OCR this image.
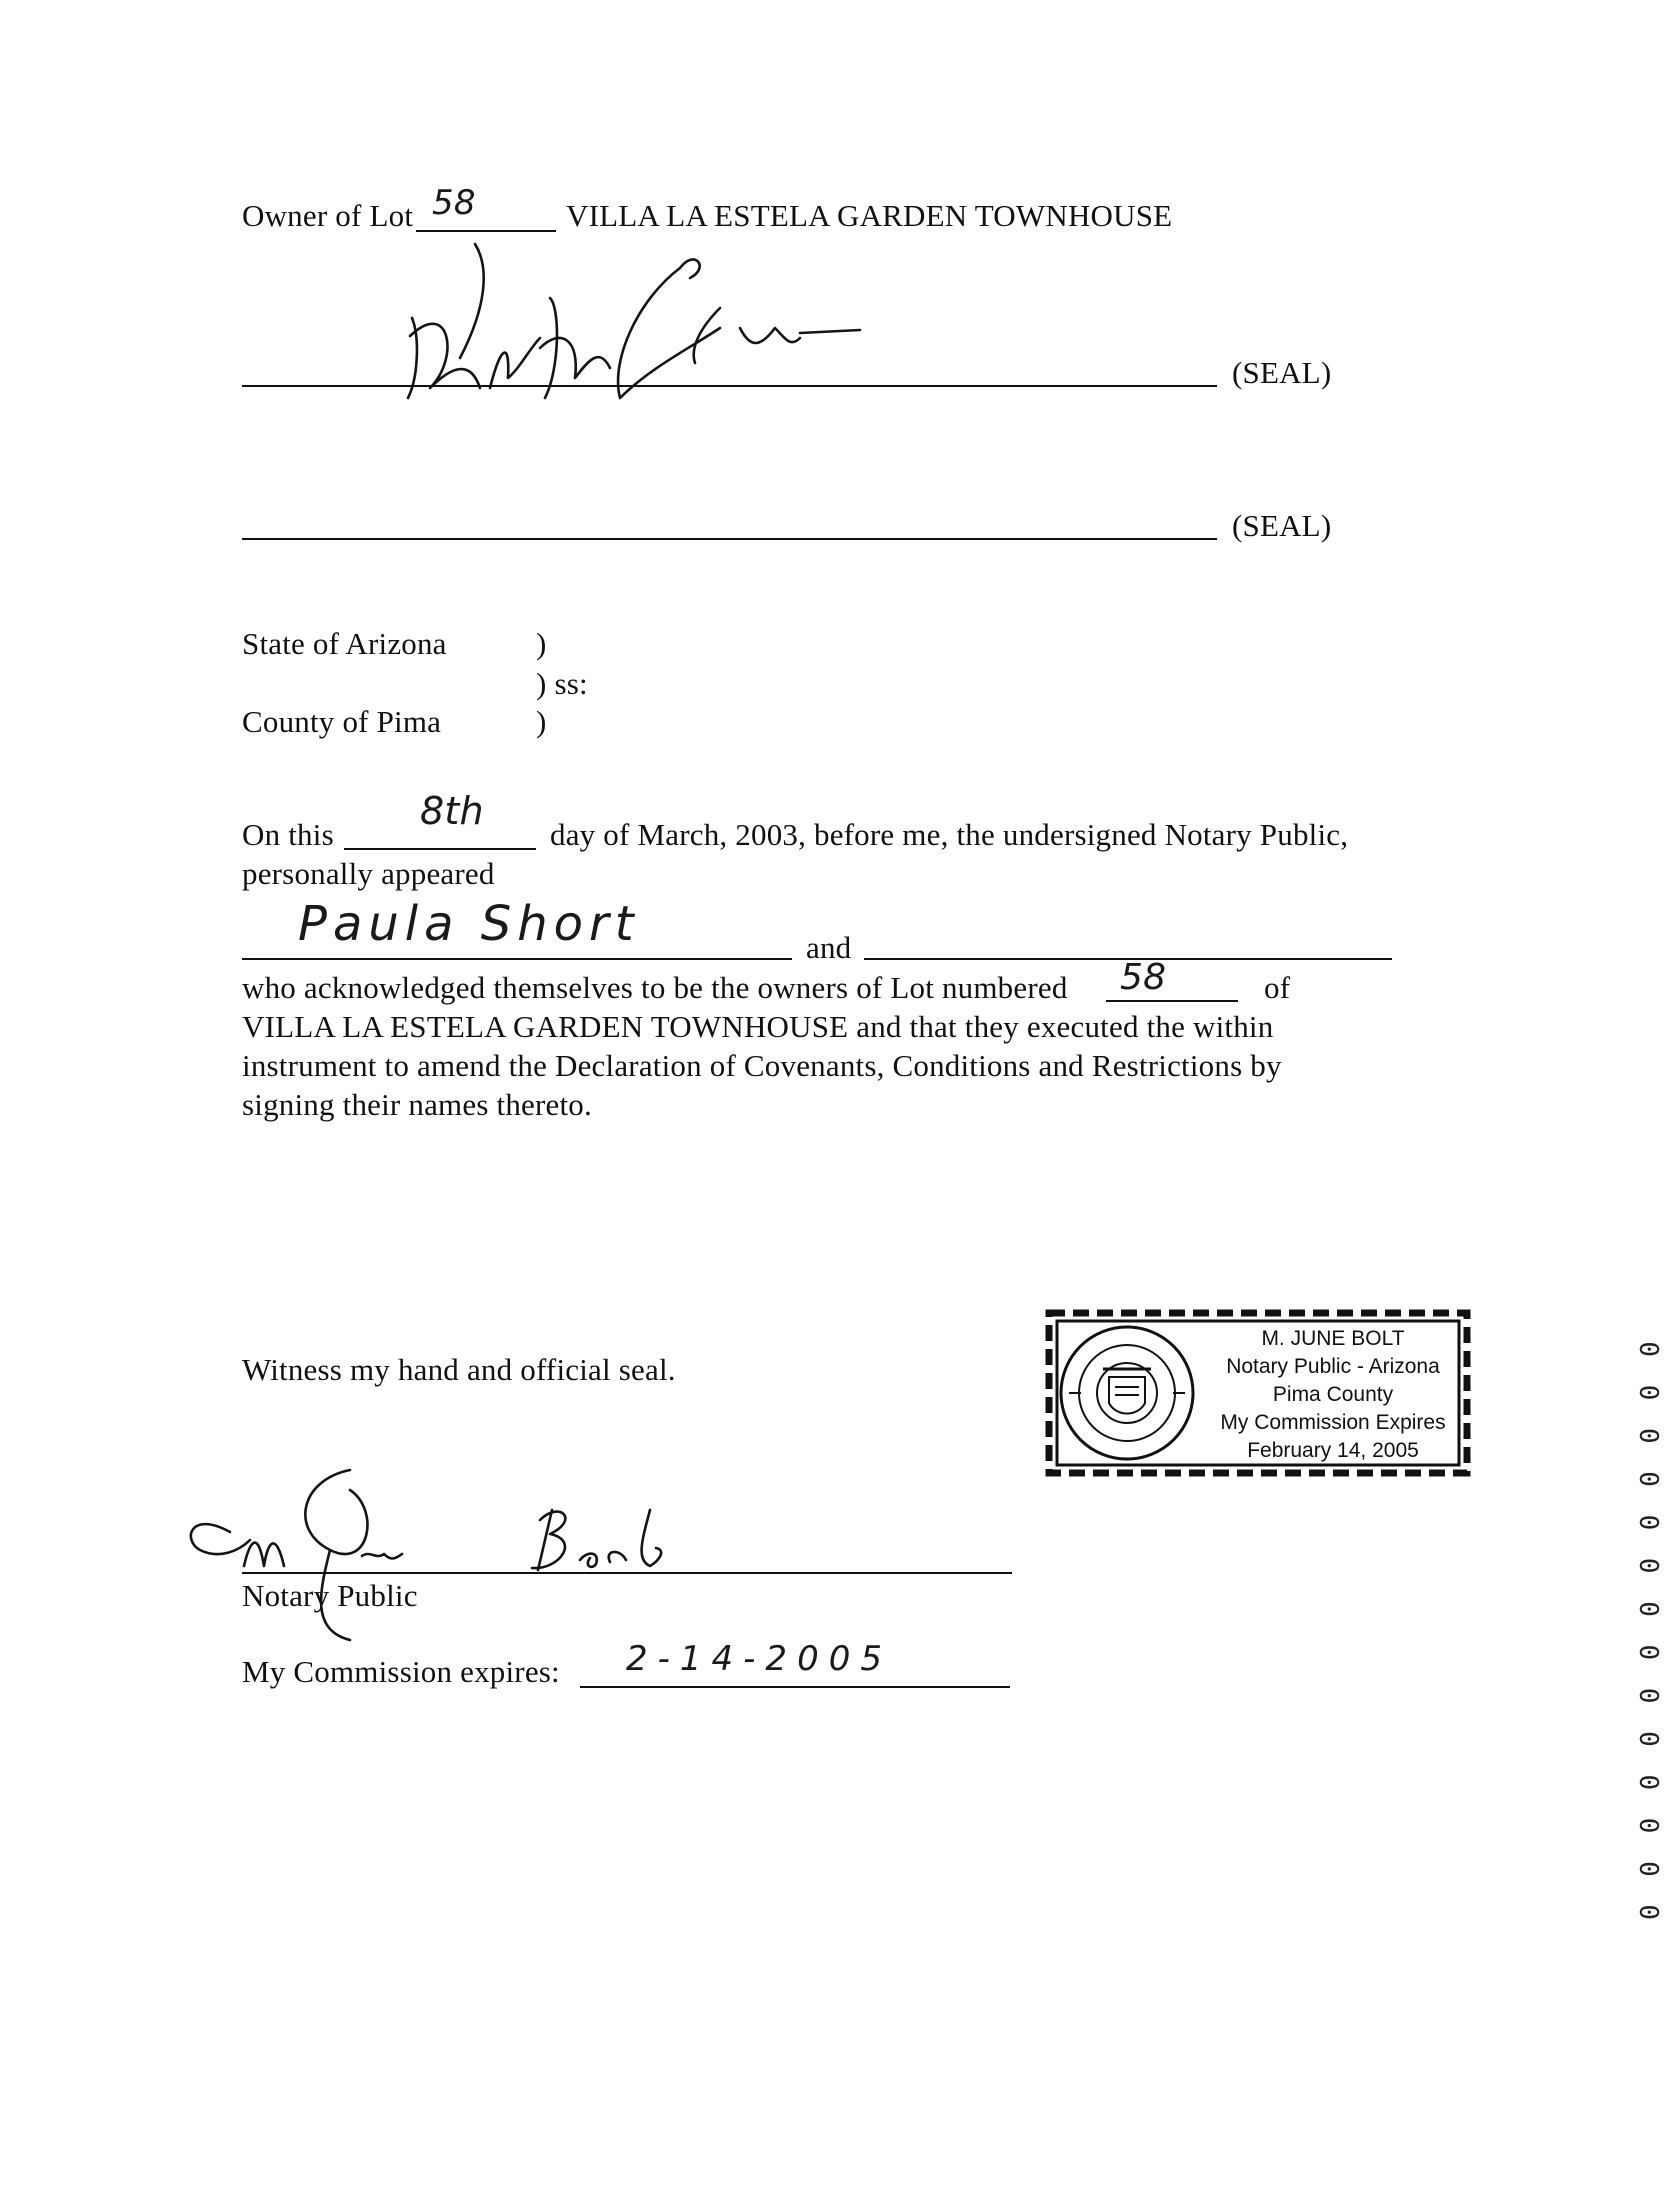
Owner of Lot 58	VILLA LA ESTELA GARDEN TOWNHOUSE
(SEAL)
(SEAL)
State of Arizona	)
) ss:
County of Pima	)
On this
8th
day of March, 2003, before me, the undersigned Notary Public,
personally appeared
Paula Short	and
who acknowledged themselves to be the owners of Lot numbered 58	of
VILLA LA ESTELA GARDEN TOWNHOUSE and that they executed the within
instrument to amend the Declaration of Covenants, Conditions and Restrictions by
signing their names thereto.
Witness my hand and official seal.
M. JUNE BOLT
Notary Public - Arizona
Pima County
My Commission Expires
February 14, 2005
Notary Public
My Commission expires: 2-14-2005	0 0 0 0 0 0 0 0 0 0 0 0 0 0
